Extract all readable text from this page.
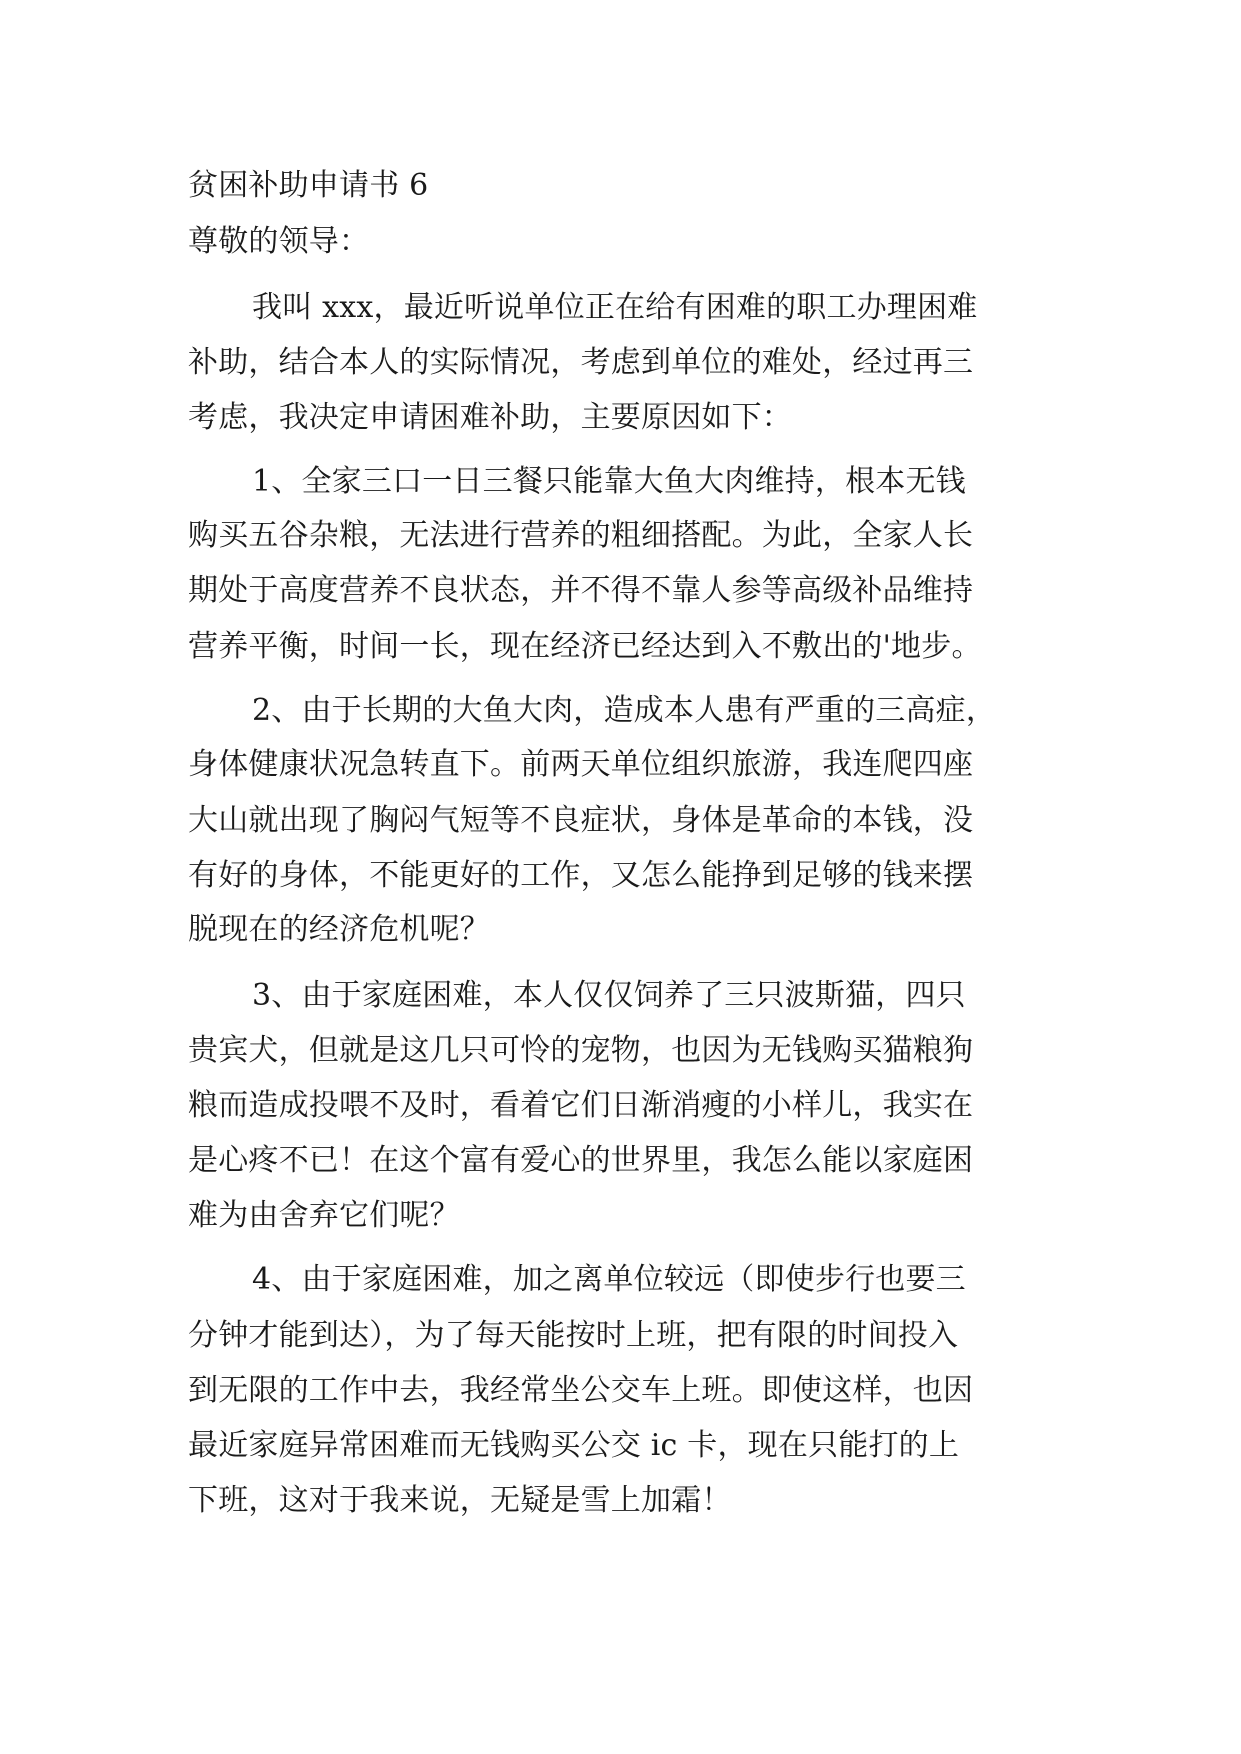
贫困补助申请书 6
尊敬的领导：
我叫 xxx，最近听说单位正在给有困难的职工办理困难
补助，结合本人的实际情况，考虑到单位的难处，经过再三
考虑，我决定申请困难补助，主要原因如下：
1、全家三口一日三餐只能靠大鱼大肉维持，根本无钱
购买五谷杂粮，无法进行营养的粗细搭配。为此，全家人长
期处于高度营养不良状态，并不得不靠人参等高级补品维持
营养平衡，时间一长，现在经济已经达到入不敷出的'地步。
2、由于长期的大鱼大肉，造成本人患有严重的三高症，
身体健康状况急转直下。前两天单位组织旅游，我连爬四座
大山就出现了胸闷气短等不良症状，身体是革命的本钱，没
有好的身体，不能更好的工作，又怎么能挣到足够的钱来摆
脱现在的经济危机呢？
3、由于家庭困难，本人仅仅饲养了三只波斯猫，四只
贵宾犬，但就是这几只可怜的宠物，也因为无钱购买猫粮狗
粮而造成投喂不及时，看着它们日渐消瘦的小样儿，我实在
是心疼不已！在这个富有爱心的世界里，我怎么能以家庭困
难为由舍弃它们呢？
4、由于家庭困难，加之离单位较远（即使步行也要三
分钟才能到达），为了每天能按时上班，把有限的时间投入
到无限的工作中去，我经常坐公交车上班。即使这样，也因
最近家庭异常困难而无钱购买公交 ic 卡，现在只能打的上
下班，这对于我来说，无疑是雪上加霜！
